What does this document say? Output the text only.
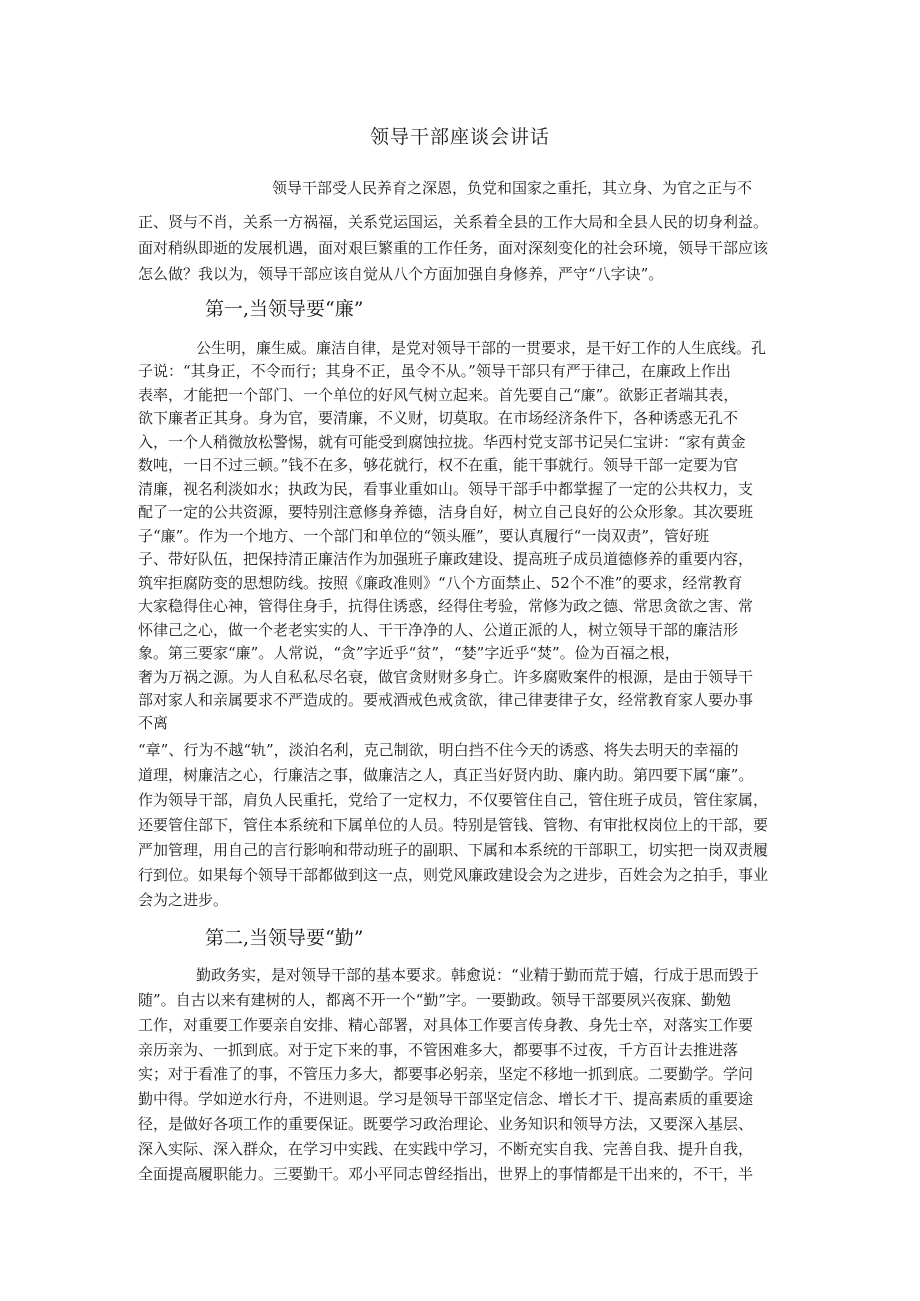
领导干部座谈会讲话
领导干部受人民养育之深恩，负党和国家之重托，其立身、为官之正与不
正、贤与不肖，关系一方祸福，关系党运国运，关系着全县的工作大局和全县人民的切身利益。
面对稍纵即逝的发展机遇，面对艰巨繁重的工作任务，面对深刻变化的社会环境，领导干部应该
怎么做？我以为，领导干部应该自觉从八个方面加强自身修养，严守“八字诀”。
第一,当领导要“廉”
公生明，廉生威。廉洁自律，是党对领导干部的一贯要求，是干好工作的人生底线。孔
子说：“其身正，不令而行；其身不正，虽令不从。”领导干部只有严于律己，在廉政上作出
表率，才能把一个部门、一个单位的好风气树立起来。首先要自己“廉”。欲影正者端其表，
欲下廉者正其身。身为官，要清廉，不义财，切莫取。在市场经济条件下，各种诱惑无孔不
入，一个人稍微放松警惕，就有可能受到腐蚀拉拢。华西村党支部书记吴仁宝讲：“家有黄金
数吨，一日不过三顿。”钱不在多，够花就行，权不在重，能干事就行。领导干部一定要为官
清廉，视名利淡如水；执政为民，看事业重如山。领导干部手中都掌握了一定的公共权力，支
配了一定的公共资源，要特别注意修身养德，洁身自好，树立自己良好的公众形象。其次要班
子“廉”。作为一个地方、一个部门和单位的“领头雁”，要认真履行“一岗双责”，管好班
子、带好队伍，把保持清正廉洁作为加强班子廉政建设、提高班子成员道德修养的重要内容，
筑牢拒腐防变的思想防线。按照《廉政准则》“八个方面禁止、52个不准”的要求，经常教育
大家稳得住心神，管得住身手，抗得住诱惑，经得住考验，常修为政之德、常思贪欲之害、常
怀律己之心，做一个老老实实的人、干干净净的人、公道正派的人，树立领导干部的廉洁形
象。第三要家“廉”。人常说，“贪”字近乎“贫”，“婪”字近乎“焚”。俭为百福之根，
奢为万祸之源。为人自私私尽名衰，做官贪财财多身亡。许多腐败案件的根源，是由于领导干
部对家人和亲属要求不严造成的。要戒酒戒色戒贪欲，律己律妻律子女，经常教育家人要办事
不离
“章”、行为不越“轨”，淡泊名利，克己制欲，明白挡不住今天的诱惑、将失去明天的幸福的
道理，树廉洁之心，行廉洁之事，做廉洁之人，真正当好贤内助、廉内助。第四要下属“廉”。
作为领导干部，肩负人民重托，党给了一定权力，不仅要管住自己，管住班子成员，管住家属，
还要管住部下，管住本系统和下属单位的人员。特别是管钱、管物、有审批权岗位上的干部，要
严加管理，用自己的言行影响和带动班子的副职、下属和本系统的干部职工，切实把一岗双责履
行到位。如果每个领导干部都做到这一点，则党风廉政建设会为之进步，百姓会为之拍手，事业
会为之进步。
第二,当领导要“勤”
勤政务实，是对领导干部的基本要求。韩愈说：“业精于勤而荒于嬉，行成于思而毁于
随”。自古以来有建树的人，都离不开一个“勤”字。一要勤政。领导干部要夙兴夜寐、勤勉
工作，对重要工作要亲自安排、精心部署，对具体工作要言传身教、身先士卒，对落实工作要
亲历亲为、一抓到底。对于定下来的事，不管困难多大，都要事不过夜，千方百计去推进落
实；对于看准了的事，不管压力多大，都要事必躬亲，坚定不移地一抓到底。二要勤学。学问
勤中得。学如逆水行舟，不进则退。学习是领导干部坚定信念、增长才干、提高素质的重要途
径，是做好各项工作的重要保证。既要学习政治理论、业务知识和领导方法，又要深入基层、
深入实际、深入群众，在学习中实践、在实践中学习，不断充实自我、完善自我、提升自我，
全面提高履职能力。三要勤干。邓小平同志曾经指出，世界上的事情都是干出来的，不干，半
